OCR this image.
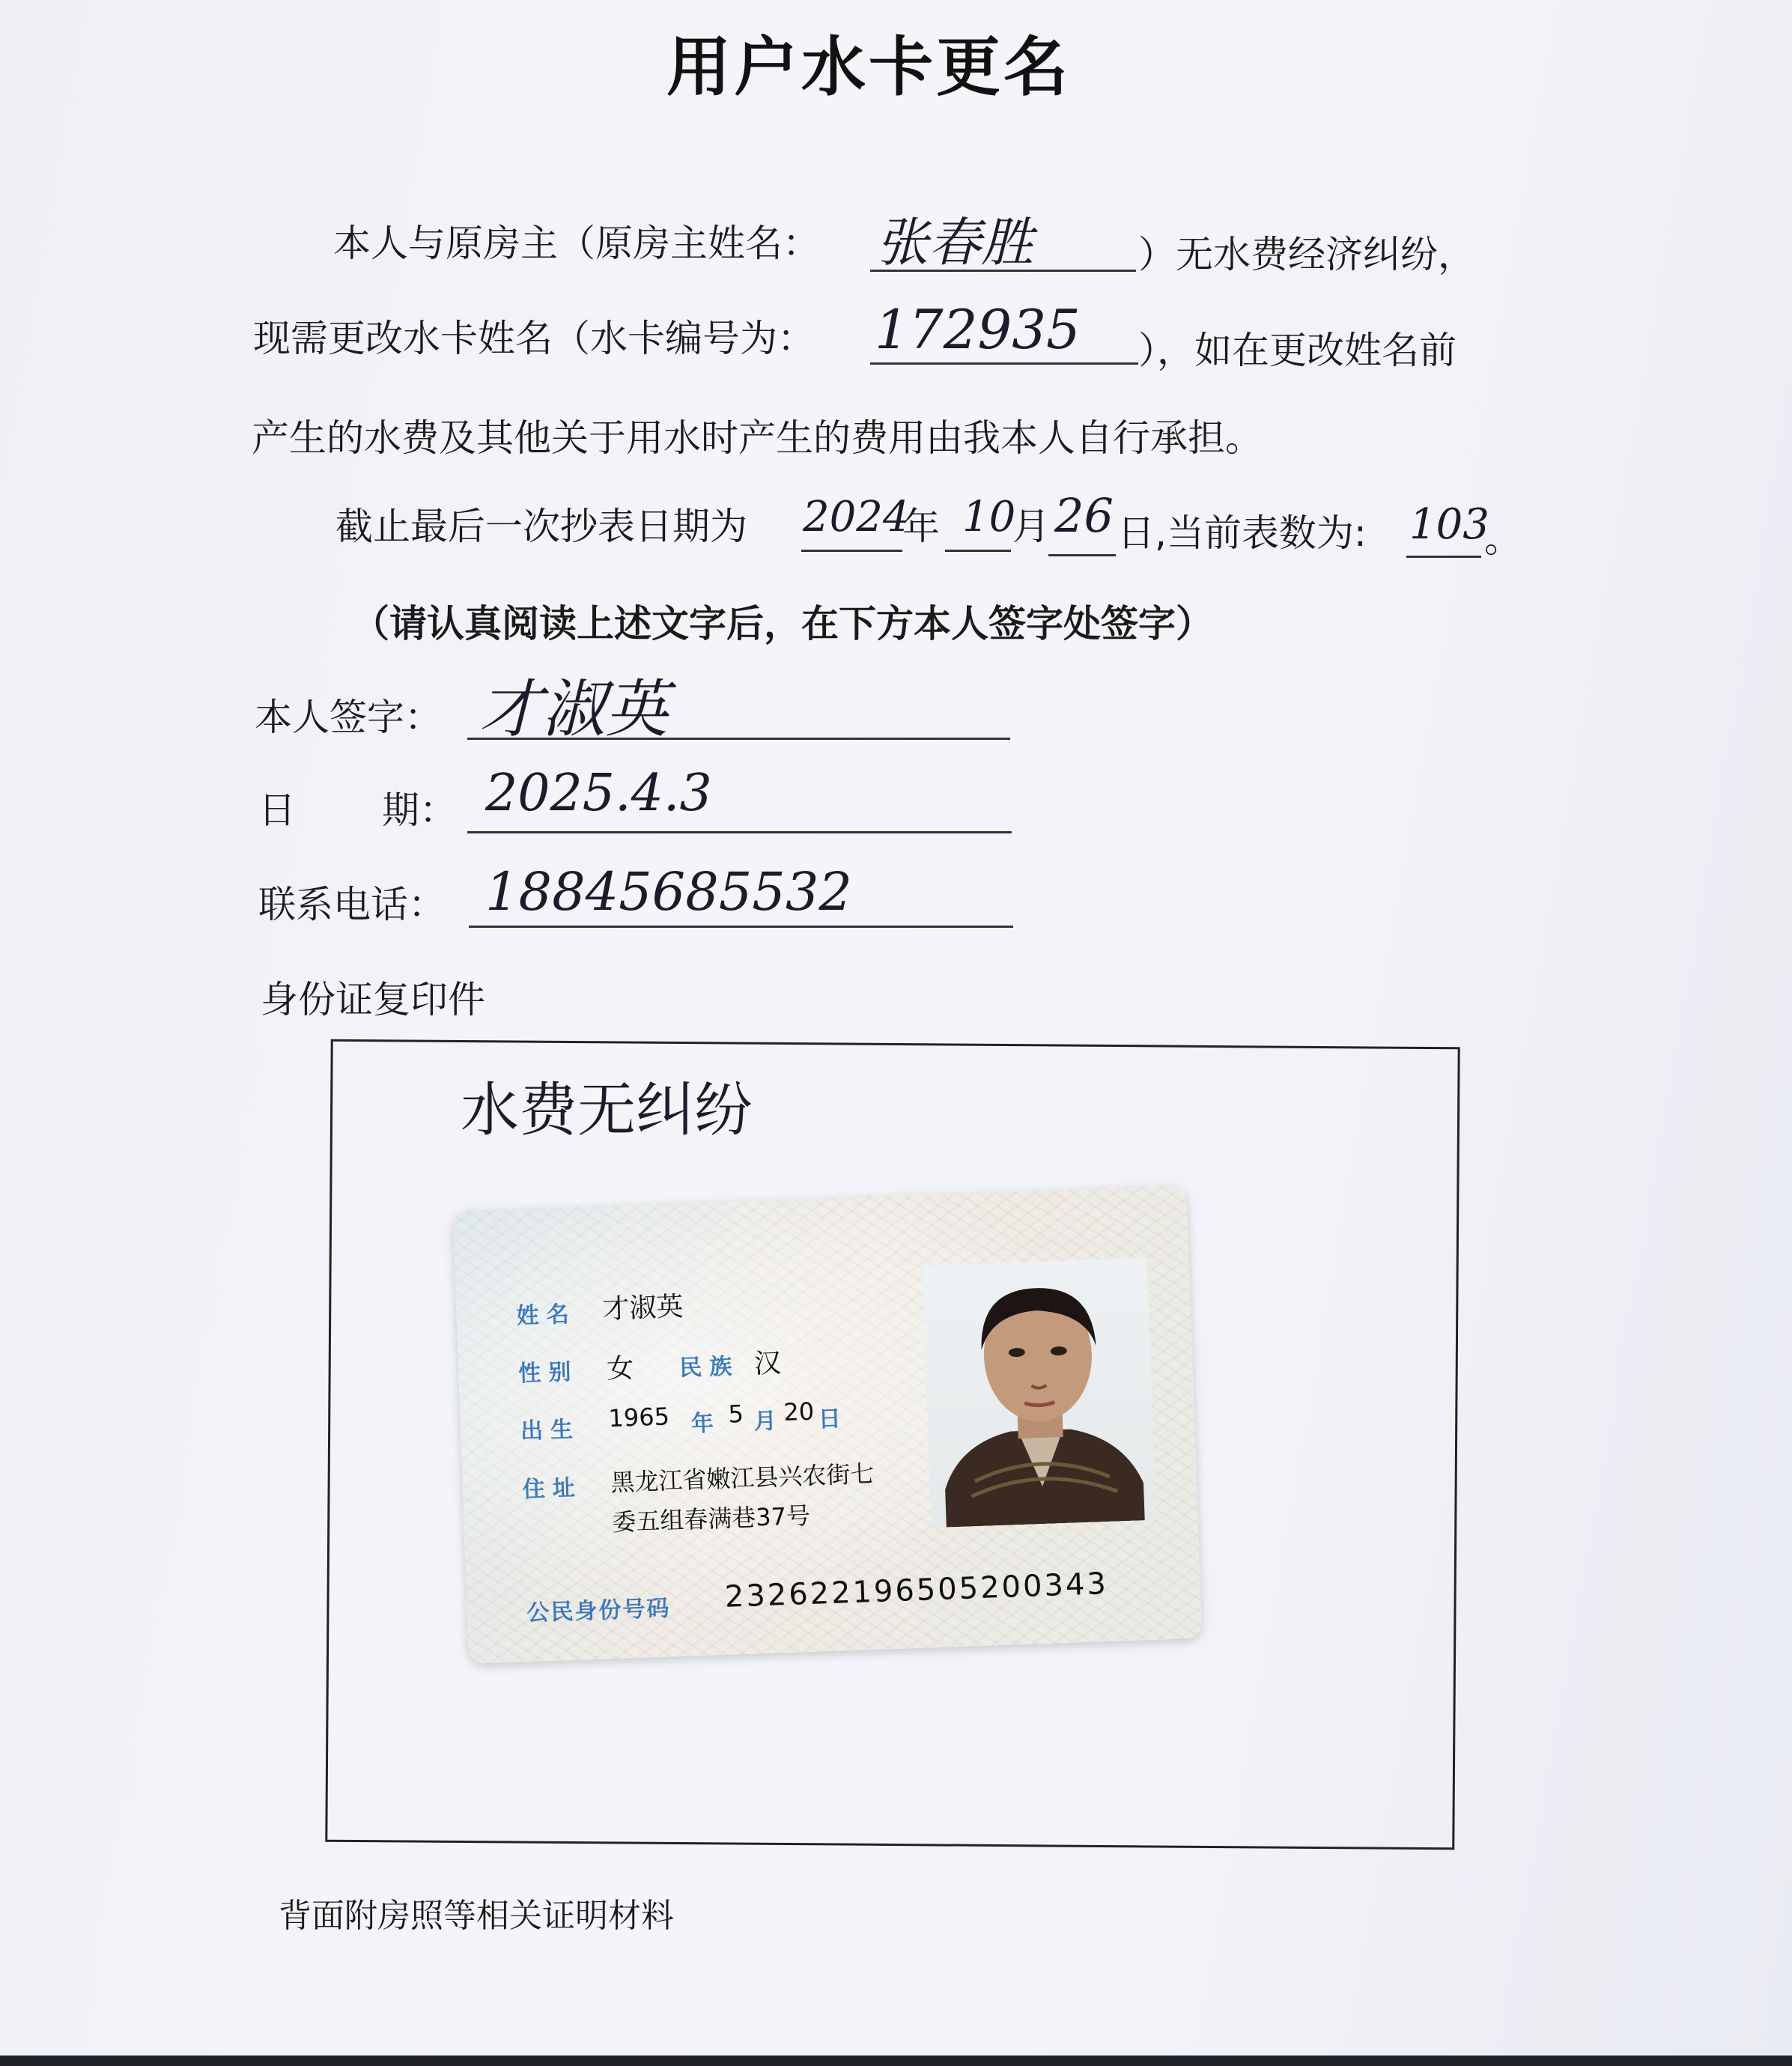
用户水卡更名
本人与原房主（原房主姓名： 张春胜	）无水费经济纠纷，
现需更改水卡姓名（水卡编号为： 172935 ），如在更改姓名前
产生的水费及其他关于用水时产生的费用由我本人自行承担。
截止最后一次抄表日期为 2024
年 10
月 26 日,当前表数为: 103
。
（请认真阅读上述文字后，在下方本人签字处签字）
本人签字： 才淑英
日 期： 2025.4.3
联系电话： 18845685532
身份证复印件
水费无纠纷
姓名 才淑英
性别 女 民族 汉
出生 1965 年 5 月 20 日
住址 黑龙江省嫩江县兴农街七
委五组春满巷37号
公民身份号码 232622196505200343
背面附房照等相关证明材料
